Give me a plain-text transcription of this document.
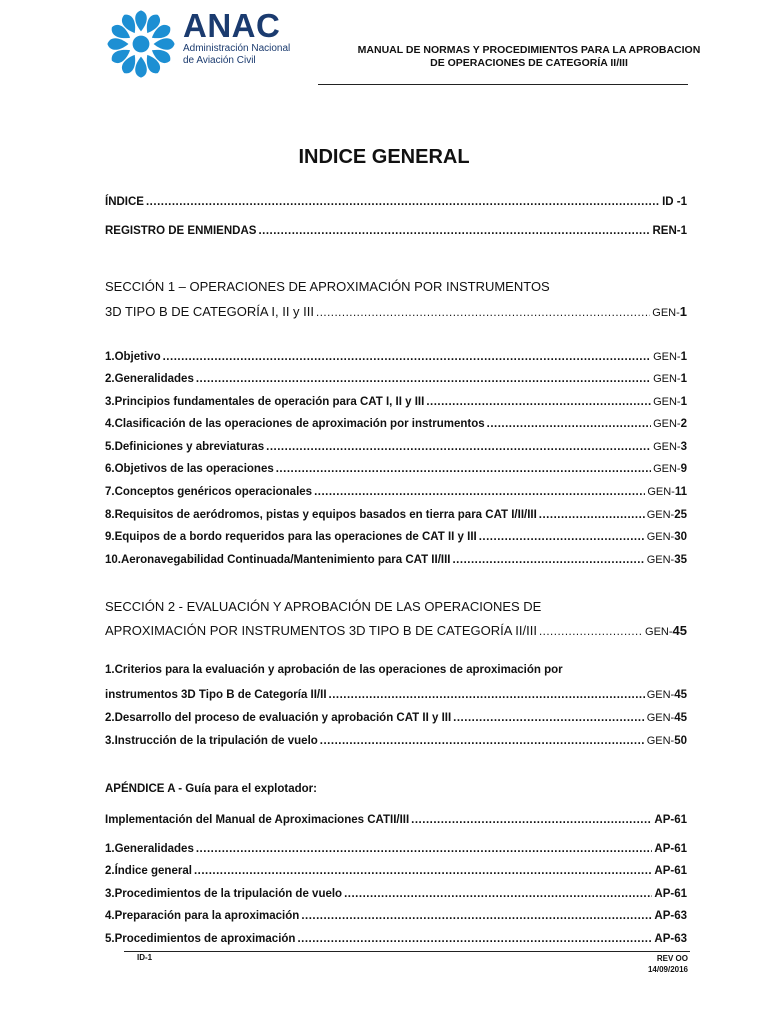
ANAC
Administración Nacional
de Aviación Civil
MANUAL DE NORMAS Y PROCEDIMIENTOS PARA LA APROBACION
DE OPERACIONES DE CATEGORÍA II/III
INDICE GENERAL
ÍNDICE .....	ID -1
REGISTRO DE ENMIENDAS .....	REN-1
SECCIÓN 1 – OPERACIONES DE APROXIMACIÓN POR INSTRUMENTOS
3D TIPO B DE CATEGORÍA I, II y III .....	GEN-1
1.Objetivo .....	GEN-1
2.Generalidades .....	GEN-1
3.Principios fundamentales de operación para CAT I, II y III .....	GEN-1
4.Clasificación de las operaciones de aproximación por instrumentos .....	GEN-2
5.Definiciones y abreviaturas .....	GEN-3
6.Objetivos de las operaciones .....	GEN-9
7.Conceptos genéricos operacionales .....	GEN-11
8.Requisitos de aeródromos, pistas y equipos basados en tierra para CAT I/II/III .....	GEN-25
9.Equipos de a bordo requeridos para las operaciones de CAT II y III .....	GEN-30
10.Aeronavegabilidad Continuada/Mantenimiento para CAT II/III .....	GEN-35
SECCIÓN 2 - EVALUACIÓN Y APROBACIÓN DE LAS OPERACIONES DE
APROXIMACIÓN POR INSTRUMENTOS 3D TIPO B DE CATEGORÍA II/III .....	GEN-45
1.Criterios para la evaluación y aprobación de las operaciones de aproximación por
instrumentos 3D Tipo B de Categoría II/II .....	GEN-45
2.Desarrollo del proceso de evaluación y aprobación CAT II y III .....	GEN-45
3.Instrucción de la tripulación de vuelo .....	GEN-50
APÉNDICE A - Guía para el explotador:
Implementación del Manual de Aproximaciones CATII/III .....	AP-61
1.Generalidades .....	AP-61
2.Índice general .....	AP-61
3.Procedimientos de la tripulación de vuelo .....	AP-61
4.Preparación para la aproximación .....	AP-63
5.Procedimientos de aproximación .....	AP-63
ID-1	REV OO
14/09/2016
